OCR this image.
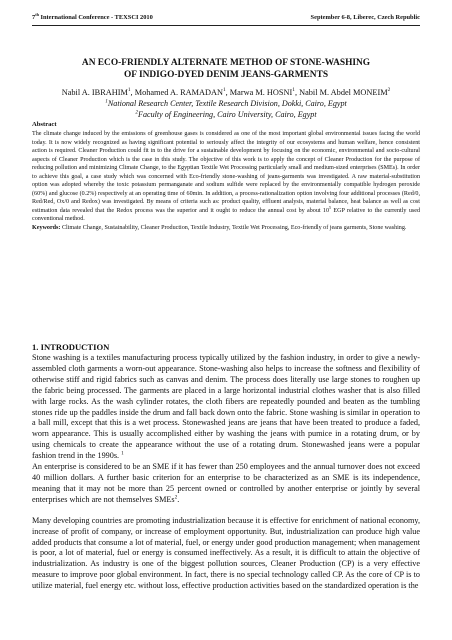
7th International Conference - TEXSCI 2010	September 6-8, Liberec, Czech Republic
AN ECO-FRIENDLY ALTERNATE METHOD OF STONE-WASHING
OF INDIGO-DYED DENIM JEANS-GARMENTS
Nabil A. IBRAHIM$^1$, Mohamed A. RAMADAN$^1$, Marwa M. HOSNI$^1$, Nabil M. Abdel MONEIM$^2$
$^1$National Research Center, Textile Research Division, Dokki, Cairo, Egypt
$^2$Faculty of Engineering, Cairo University, Cairo, Egypt
Abstract

The climate change induced by the emissions of greenhouse gases is considered as one of the most important global environmental issues facing the world today. It is now widely recognized as having significant potential to seriously affect the integrity of our ecosystems and human welfare, hence consistent action is required. Cleaner Production could fit in to the drive for a sustainable development by focusing on the economic, environmental and socio-cultural aspects of Cleaner Production which is the case in this study. The objective of this work is to apply the concept of Cleaner Production for the purpose of reducing pollution and minimizing Climate Change, to the Egyptian Textile Wet Processing particularly small and medium-sized enterprises (SMEs). In order to achieve this goal, a case study which was concerned with Eco-friendly stone-washing of jeans-garments was investigated. A raw material-substitution option was adopted whereby the toxic potassium permanganate and sodium sulfide were replaced by the environmentally compatible hydrogen peroxide (60%) and glucose (0.2%) respectively at an operating time of 60min. In addition, a process-rationalization option involving four additional processes (Red/0, Red/Red, Ox/0 and Redox) was investigated. By means of criteria such as: product quality, effluent analysis, material balance, heat balance as well as cost estimation data revealed that the Redox process was the superior and it ought to reduce the annual cost by about $10^5$ EGP relative to the currently used conventional method.

Keywords: Climate Change, Sustainability, Cleaner Production, Textile Industry, Textile Wet Processing, Eco-friendly of jeans garments, Stone washing.

1. INTRODUCTION

Stone washing is a textiles manufacturing process typically utilized by the fashion industry, in order to give a newly-assembled cloth garments a worn-out appearance. Stone-washing also helps to increase the softness and flexibility of otherwise stiff and rigid fabrics such as canvas and denim. The process does literally use large stones to roughen up the fabric being processed. The garments are placed in a large horizontal industrial clothes washer that is also filled with large rocks. As the wash cylinder rotates, the cloth fibers are repeatedly pounded and beaten as the tumbling stones ride up the paddles inside the drum and fall back down onto the fabric. Stone washing is similar in operation to a ball mill, except that this is a wet process. Stonewashed jeans are jeans that have been treated to produce a faded, worn appearance. This is usually accomplished either by washing the jeans with pumice in a rotating drum, or by using chemicals to create the appearance without the use of a rotating drum. Stonewashed jeans were a popular fashion trend in the 1990s. $^1$

An enterprise is considered to be an SME if it has fewer than 250 employees and the annual turnover does not exceed 40 million dollars. A further basic criterion for an enterprise to be characterized as an SME is its independence, meaning that it may not be more than 25 percent owned or controlled by another enterprise or jointly by several enterprises which are not themselves SMEs$^2$.

Many developing countries are promoting industrialization because it is effective for enrichment of national economy, increase of profit of company, or increase of employment opportunity. But, industrialization can produce high value added products that consume a lot of material, fuel, or energy under good production management; when management is poor, a lot of material, fuel or energy is consumed ineffectively. As a result, it is difficult to attain the objective of industrialization. As industry is one of the biggest pollution sources, Cleaner Production (CP) is a very effective measure to improve poor global environment. In fact, there is no special technology called CP. As the core of CP is to utilize material, fuel energy etc. without loss, effective production activities based on the standardized operation is the
